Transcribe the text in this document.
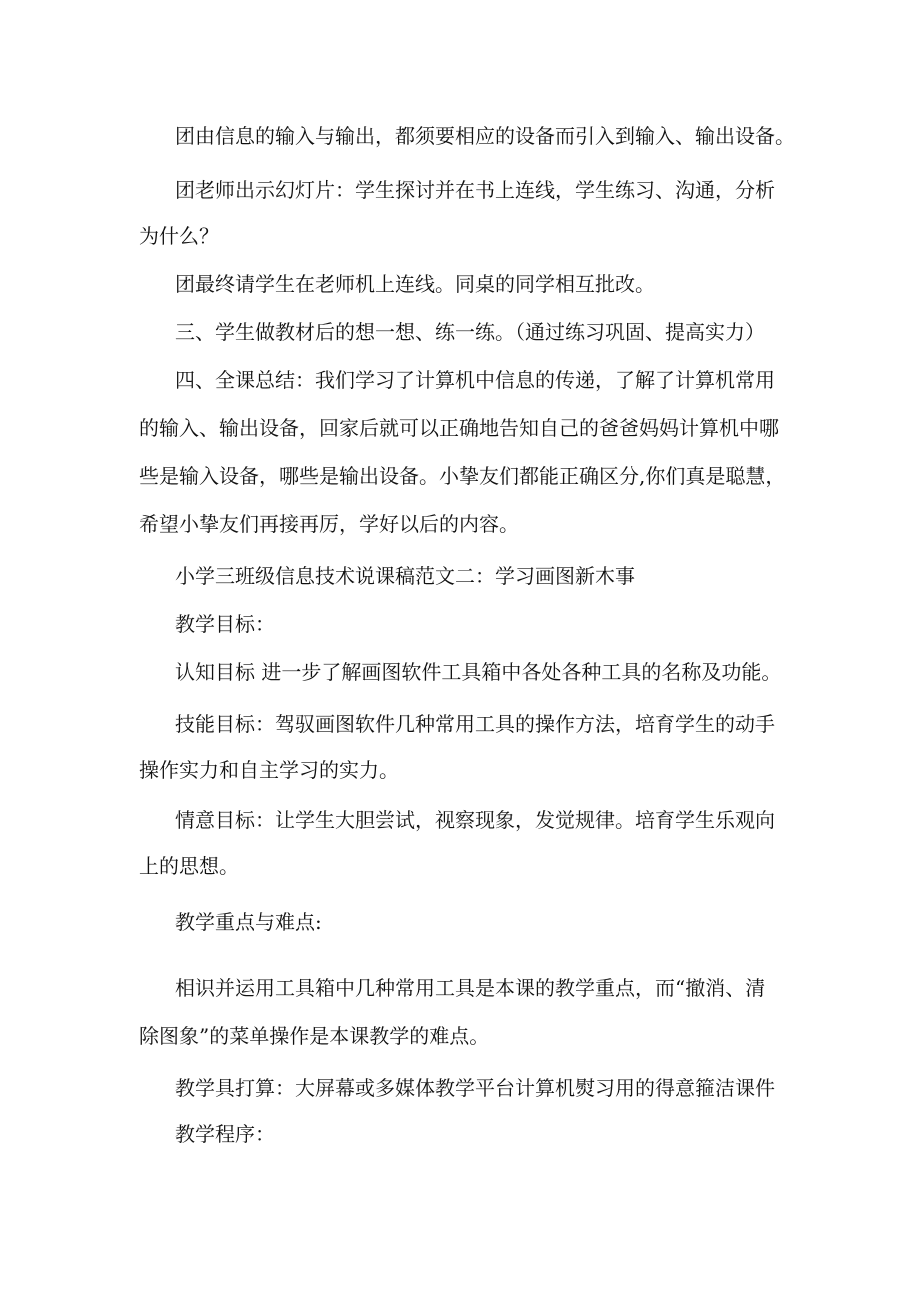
团由信息的输入与输出，都须要相应的设备而引入到输入、输出设备。
团老师出示幻灯片：学生探讨并在书上连线，学生练习、沟通，分析
为什么？
团最终请学生在老师机上连线。同桌的同学相互批改。
三、学生做教材后的想一想、练一练。（通过练习巩固、提高实力）
四、全课总结：我们学习了计算机中信息的传递，了解了计算机常用
的输入、输出设备，回家后就可以正确地告知自己的爸爸妈妈计算机中哪
些是输入设备，哪些是输出设备。小挚友们都能正确区分,你们真是聪慧，
希望小挚友们再接再厉，学好以后的内容。
小学三班级信息技术说课稿范文二：学习画图新木事
教学目标：
认知目标 进一步了解画图软件工具箱中各处各种工具的名称及功能。
技能目标：驾驭画图软件几种常用工具的操作方法，培育学生的动手
操作实力和自主学习的实力。
情意目标：让学生大胆尝试，视察现象，发觉规律。培育学生乐观向
上的思想。
教学重点与难点:
相识并运用工具箱中几种常用工具是本课的教学重点，而“撤消、清
除图象”的菜单操作是本课教学的难点。
教学具打算：大屏幕或多媒体教学平台计算机熨习用的得意箍洁课件
教学程序：
